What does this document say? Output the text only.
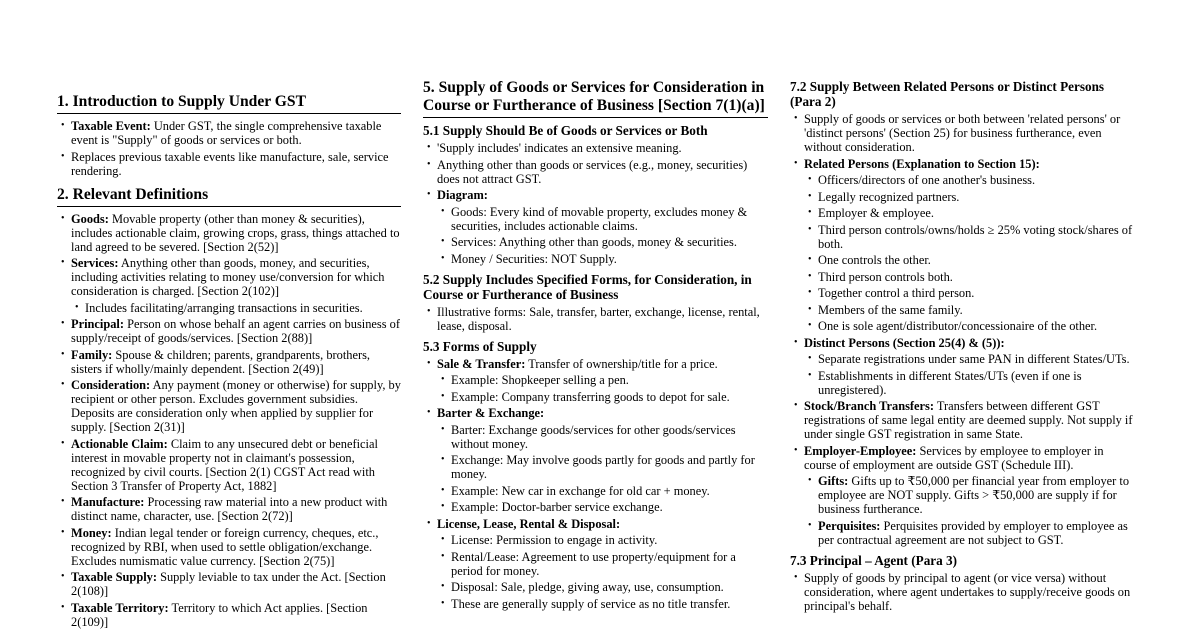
1. Introduction to Supply Under GST
• Taxable Event: Under GST, the single comprehensive taxable event is "Supply" of goods or services or both.
• Replaces previous taxable events like manufacture, sale, service rendering.
2. Relevant Definitions
• Goods: Movable property (other than money & securities), includes actionable claim, growing crops, grass, things attached to land agreed to be severed. [Section 2(52)]
• Services: Anything other than goods, money, and securities, including activities relating to money use/conversion for which consideration is charged. [Section 2(102)]
• Includes facilitating/arranging transactions in securities.
• Principal: Person on whose behalf an agent carries on business of supply/receipt of goods/services. [Section 2(88)]
• Family: Spouse & children; parents, grandparents, brothers, sisters if wholly/mainly dependent. [Section 2(49)]
• Consideration: Any payment (money or otherwise) for supply, by recipient or other person. Excludes government subsidies. Deposits are consideration only when applied by supplier for supply. [Section 2(31)]
• Actionable Claim: Claim to any unsecured debt or beneficial interest in movable property not in claimant's possession, recognized by civil courts. [Section 2(1) CGST Act read with Section 3 Transfer of Property Act, 1882]
• Manufacture: Processing raw material into a new product with distinct name, character, use. [Section 2(72)]
• Money: Indian legal tender or foreign currency, cheques, etc., recognized by RBI, when used to settle obligation/exchange. Excludes numismatic value currency. [Section 2(75)]
• Taxable Supply: Supply leviable to tax under the Act. [Section 2(108)]
• Taxable Territory: Territory to which Act applies. [Section 2(109)]
5. Supply of Goods or Services for Consideration in Course or Furtherance of Business [Section 7(1)(a)]
5.1 Supply Should Be of Goods or Services or Both
• 'Supply includes' indicates an extensive meaning.
• Anything other than goods or services (e.g., money, securities) does not attract GST.
• Diagram:
• Goods: Every kind of movable property, excludes money & securities, includes actionable claims.
• Services: Anything other than goods, money & securities.
• Money / Securities: NOT Supply.
5.2 Supply Includes Specified Forms, for Consideration, in Course or Furtherance of Business
• Illustrative forms: Sale, transfer, barter, exchange, license, rental, lease, disposal.
5.3 Forms of Supply
• Sale & Transfer: Transfer of ownership/title for a price.
• Example: Shopkeeper selling a pen.
• Example: Company transferring goods to depot for sale.
• Barter & Exchange:
• Barter: Exchange goods/services for other goods/services without money.
• Exchange: May involve goods partly for goods and partly for money.
• Example: New car in exchange for old car + money.
• Example: Doctor-barber service exchange.
• License, Lease, Rental & Disposal:
• License: Permission to engage in activity.
• Rental/Lease: Agreement to use property/equipment for a period for money.
• Disposal: Sale, pledge, giving away, use, consumption.
• These are generally supply of service as no title transfer.
7.2 Supply Between Related Persons or Distinct Persons (Para 2)
• Supply of goods or services or both between 'related persons' or 'distinct persons' (Section 25) for business furtherance, even without consideration.
• Related Persons (Explanation to Section 15):
• Officers/directors of one another's business.
• Legally recognized partners.
• Employer & employee.
• Third person controls/owns/holds ≥ 25% voting stock/shares of both.
• One controls the other.
• Third person controls both.
• Together control a third person.
• Members of the same family.
• One is sole agent/distributor/concessionaire of the other.
• Distinct Persons (Section 25(4) & (5)):
• Separate registrations under same PAN in different States/UTs.
• Establishments in different States/UTs (even if one is unregistered).
• Stock/Branch Transfers: Transfers between different GST registrations of same legal entity are deemed supply. Not supply if under single GST registration in same State.
• Employer-Employee: Services by employee to employer in course of employment are outside GST (Schedule III).
• Gifts: Gifts up to ₹50,000 per financial year from employer to employee are NOT supply. Gifts > ₹50,000 are supply if for business furtherance.
• Perquisites: Perquisites provided by employer to employee as per contractual agreement are not subject to GST.
7.3 Principal – Agent (Para 3)
• Supply of goods by principal to agent (or vice versa) without consideration, where agent undertakes to supply/receive goods on principal's behalf.
